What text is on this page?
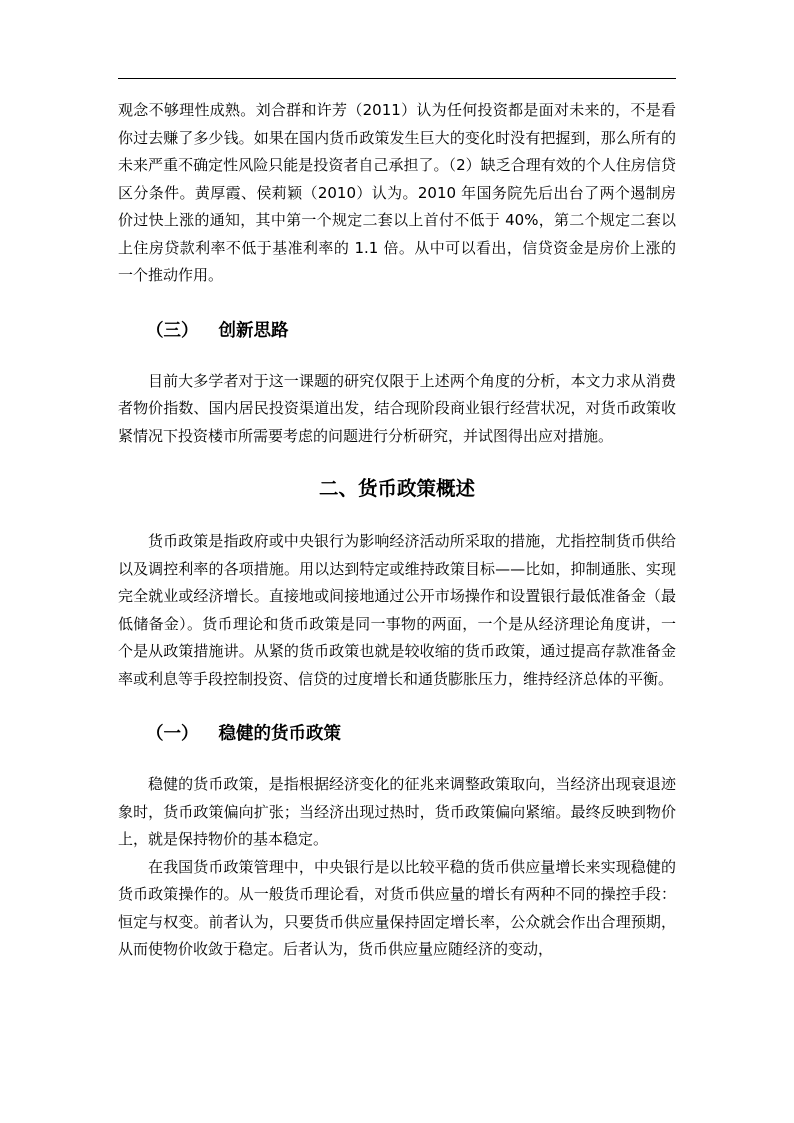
观念不够理性成熟。刘合群和许芳（2011）认为任何投资都是面对未来的，不是看你过去赚了多少钱。如果在国内货币政策发生巨大的变化时没有把握到，那么所有的未来严重不确定性风险只能是投资者自己承担了。（2）缺乏合理有效的个人住房信贷区分条件。黄厚霞、侯莉颖（2010）认为。2010 年国务院先后出台了两个遏制房价过快上涨的通知，其中第一个规定二套以上首付不低于 40%，第二个规定二套以上住房贷款利率不低于基准利率的 1.1 倍。从中可以看出，信贷资金是房价上涨的一个推动作用。

（三） 创新思路

目前大多学者对于这一课题的研究仅限于上述两个角度的分析，本文力求从消费者物价指数、国内居民投资渠道出发，结合现阶段商业银行经营状况，对货币政策收紧情况下投资楼市所需要考虑的问题进行分析研究，并试图得出应对措施。

二、货币政策概述

货币政策是指政府或中央银行为影响经济活动所采取的措施，尤指控制货币供给以及调控利率的各项措施。用以达到特定或维持政策目标——比如，抑制通胀、实现完全就业或经济增长。直接地或间接地通过公开市场操作和设置银行最低准备金（最低储备金）。货币理论和货币政策是同一事物的两面，一个是从经济理论角度讲，一个是从政策措施讲。从紧的货币政策也就是较收缩的货币政策，通过提高存款准备金率或利息等手段控制投资、信贷的过度增长和通货膨胀压力，维持经济总体的平衡。

（一） 稳健的货币政策

稳健的货币政策，是指根据经济变化的征兆来调整政策取向，当经济出现衰退迹象时，货币政策偏向扩张；当经济出现过热时，货币政策偏向紧缩。最终反映到物价上，就是保持物价的基本稳定。

在我国货币政策管理中，中央银行是以比较平稳的货币供应量增长来实现稳健的货币政策操作的。从一般货币理论看，对货币供应量的增长有两种不同的操控手段：恒定与权变。前者认为，只要货币供应量保持固定增长率，公众就会作出合理预期，从而使物价收敛于稳定。后者认为，货币供应量应随经济的变动，
